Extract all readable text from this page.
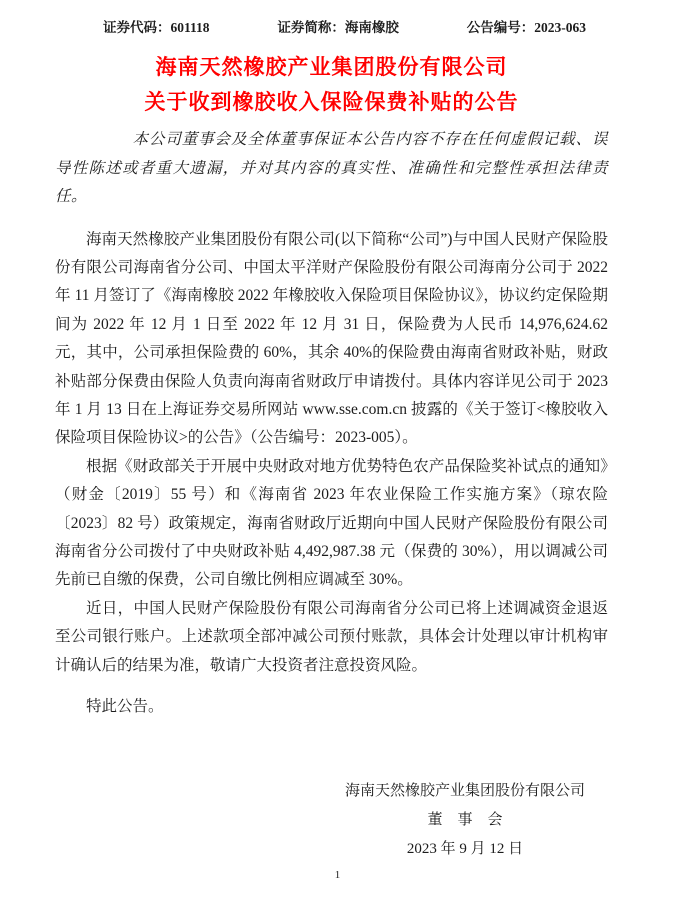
证券代码：601118	证券简称：海南橡胶	公告编号：2023-063
海南天然橡胶产业集团股份有限公司
关于收到橡胶收入保险保费补贴的公告
本公司董事会及全体董事保证本公告内容不存在任何虚假记载、误导性陈述或者重大遗漏，并对其内容的真实性、准确性和完整性承担法律责任。

海南天然橡胶产业集团股份有限公司(以下简称“公司”)与中国人民财产保险股份有限公司海南省分公司、中国太平洋财产保险股份有限公司海南分公司于 2022 年 11 月签订了《海南橡胶 2022 年橡胶收入保险项目保险协议》，协议约定保险期间为 2022 年 12 月 1 日至 2022 年 12 月 31 日，保险费为人民币 14,976,624.62 元，其中，公司承担保险费的 60%，其余 40%的保险费由海南省财政补贴，财政补贴部分保费由保险人负责向海南省财政厅申请拨付。具体内容详见公司于 2023 年 1 月 13 日在上海证券交易所网站 www.sse.com.cn 披露的《关于签订<橡胶收入保险项目保险协议>的公告》（公告编号：2023-005）。

根据《财政部关于开展中央财政对地方优势特色农产品保险奖补试点的通知》（财金〔2019〕55 号）和《海南省 2023 年农业保险工作实施方案》（琼农险〔2023〕82 号）政策规定，海南省财政厅近期向中国人民财产保险股份有限公司海南省分公司拨付了中央财政补贴 4,492,987.38 元（保费的 30%），用以调减公司先前已自缴的保费，公司自缴比例相应调减至 30%。

近日，中国人民财产保险股份有限公司海南省分公司已将上述调减资金退返至公司银行账户。上述款项全部冲减公司预付账款，具体会计处理以审计机构审计确认后的结果为准，敬请广大投资者注意投资风险。

特此公告。

海南天然橡胶产业集团股份有限公司
董　事　会
2023 年 9 月 12 日
1
